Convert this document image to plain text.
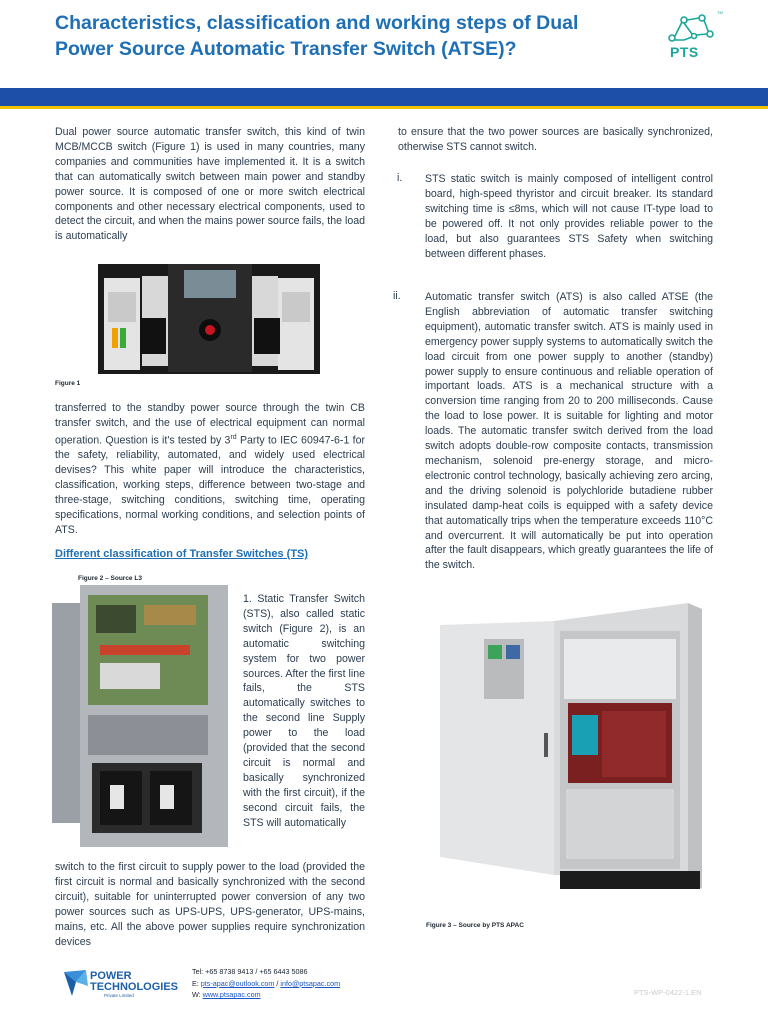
Characteristics, classification and working steps of Dual Power Source Automatic Transfer Switch (ATSE)?
TM
PTS

Dual power source automatic transfer switch, this kind of twin MCB/MCCB switch (Figure 1) is used in many countries, many companies and communities have implemented it. It is a switch that can automatically switch between main power and standby power source. It is composed of one or more switch electrical components and other necessary electrical components, used to detect the circuit, and when the mains power source fails, the load is automatically

Figure 1

transferred to the standby power source through the twin CB transfer switch, and the use of electrical equipment can normal operation. Question is it's tested by 3rd Party to IEC 60947-6-1 for the safety, reliability, automated, and widely used electrical devises? This white paper will introduce the characteristics, classification, working steps, difference between two-stage and three-stage, switching conditions, switching time, operating specifications, normal working conditions, and selection points of ATS.

Different classification of Transfer Switches (TS)
Figure 2 – Source L3

1. Static Transfer Switch (STS), also called static switch (Figure 2), is an automatic switching system for two power sources. After the first line fails, the STS automatically switches to the second line Supply power to the load (provided that the second circuit is normal and basically synchronized with the first circuit), if the second circuit fails, the STS will automatically

switch to the first circuit to supply power to the load (provided the first circuit is normal and basically synchronized with the second circuit), suitable for uninterrupted power conversion of any two power sources such as UPS-UPS, UPS-generator, UPS-mains, mains, etc. All the above power supplies require synchronization devices

to ensure that the two power sources are basically synchronized, otherwise STS cannot switch.

i. STS static switch is mainly composed of intelligent control board, high-speed thyristor and circuit breaker. Its standard switching time is ≤8ms, which will not cause IT-type load to be powered off. It not only provides reliable power to the load, but also guarantees STS Safety when switching between different phases.

ii. Automatic transfer switch (ATS) is also called ATSE (the English abbreviation of automatic transfer switching equipment), automatic transfer switch. ATS is mainly used in emergency power supply systems to automatically switch the load circuit from one power supply to another (standby) power supply to ensure continuous and reliable operation of important loads. ATS is a mechanical structure with a conversion time ranging from 20 to 200 milliseconds. Cause the load to lose power. It is suitable for lighting and motor loads. The automatic transfer switch derived from the load switch adopts double-row composite contacts, transmission mechanism, solenoid pre-energy storage, and micro-electronic control technology, basically achieving zero arcing, and the driving solenoid is polychloride butadiene rubber insulated damp-heat coils is equipped with a safety device that automatically trips when the temperature exceeds 110°C and overcurrent. It will automatically be put into operation after the fault disappears, which greatly guarantees the life of the switch.

Figure 3 – Source by PTS APAC
POWER
TECHNOLOGIES
Private Limited
Tel: +65 8738 9413 / +65 6443 5086
E: pts-apac@outlook.com / info@ptsapac.com
W: www.ptsapac.com	PTS-WP-0422-1.EN
